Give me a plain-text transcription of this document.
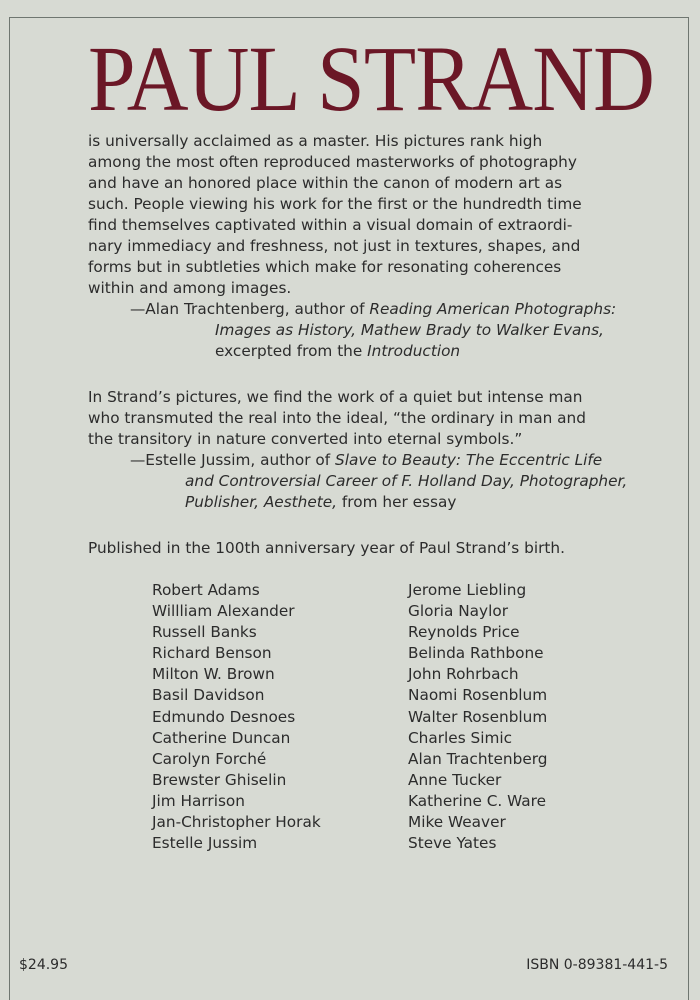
PAUL STRAND

is universally acclaimed as a master. His pictures rank high
among the most often reproduced masterworks of photography
and have an honored place within the canon of modern art as
such. People viewing his work for the first or the hundredth time
find themselves captivated within a visual domain of extraordi-
nary immediacy and freshness, not just in textures, shapes, and
forms but in subtleties which make for resonating coherences
within and among images.

—Alan Trachtenberg, author of Reading American Photographs:
Images as History, Mathew Brady to Walker Evans,
excerpted from the Introduction

In Strand’s pictures, we find the work of a quiet but intense man
who transmuted the real into the ideal, “the ordinary in man and
the transitory in nature converted into eternal symbols.”

—Estelle Jussim, author of Slave to Beauty: The Eccentric Life
and Controversial Career of F. Holland Day, Photographer,
Publisher, Aesthete, from her essay
Published in the 100th anniversary year of Paul Strand’s birth.
Robert Adams
Willliam Alexander
Russell Banks
Richard Benson
Milton W. Brown
Basil Davidson
Edmundo Desnoes
Catherine Duncan
Carolyn Forché
Brewster Ghiselin
Jim Harrison
Jan-Christopher Horak
Estelle Jussim
Jerome Liebling
Gloria Naylor
Reynolds Price
Belinda Rathbone
John Rohrbach
Naomi Rosenblum
Walter Rosenblum
Charles Simic
Alan Trachtenberg
Anne Tucker
Katherine C. Ware
Mike Weaver
Steve Yates
$24.95	ISBN 0-89381-441-5
